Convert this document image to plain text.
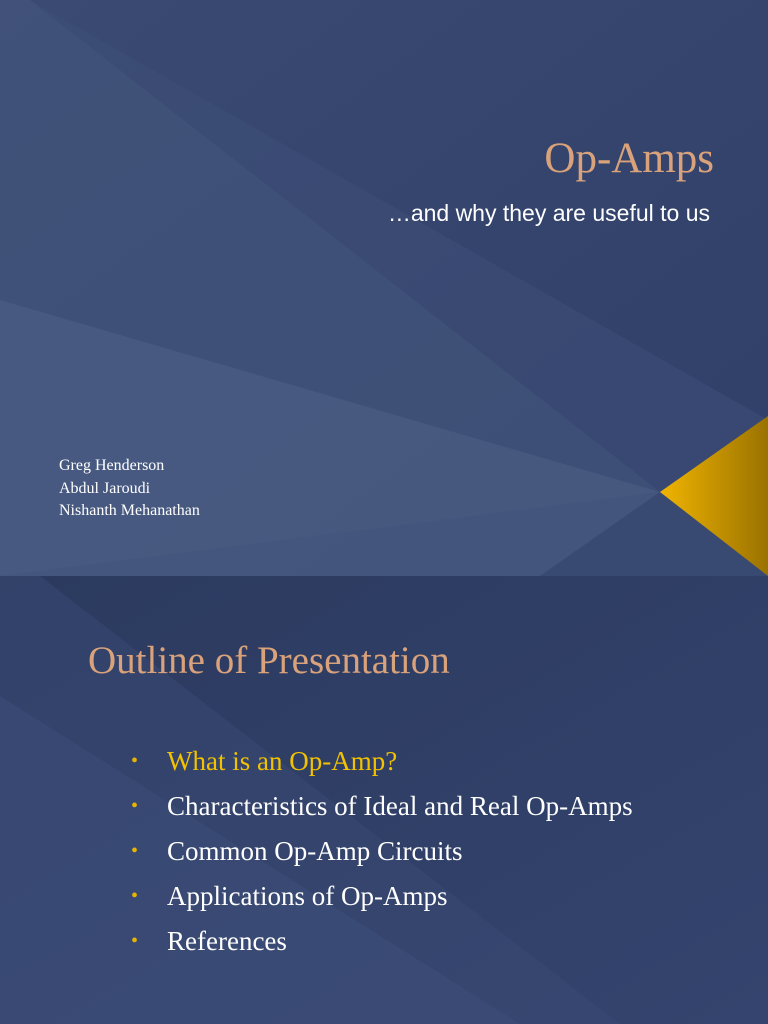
Op-Amps

…and why they are useful to us

Greg Henderson
Abdul Jaroudi
Nishanth Mehanathan
Outline of Presentation
• What is an Op-Amp?
• Characteristics of Ideal and Real Op-Amps
• Common Op-Amp Circuits
• Applications of Op-Amps
• References
